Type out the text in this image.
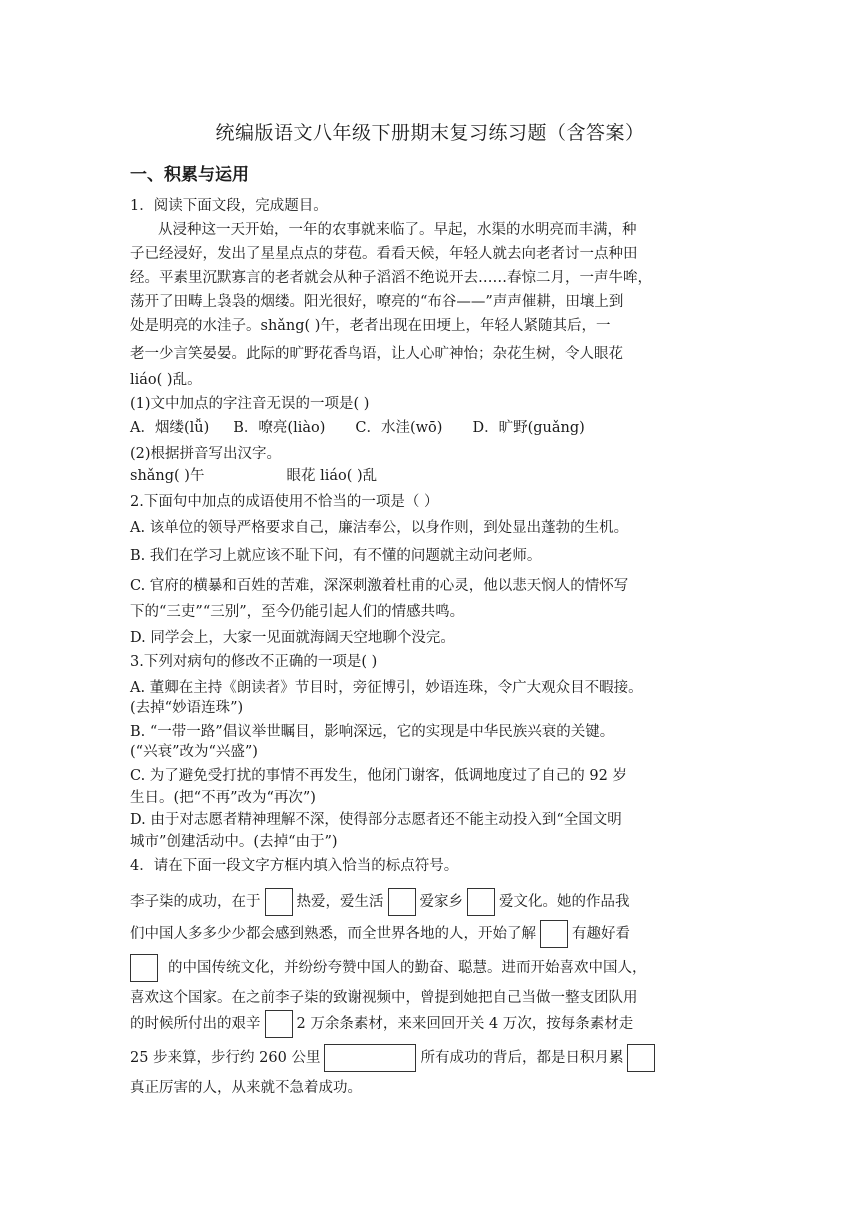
统编版语文八年级下册期末复习练习题（含答案）
一、积累与运用
1．阅读下面文段，完成题目。
从浸种这一天开始，一年的农事就来临了。早起，水渠的水明亮而丰满，种
子已经浸好，发出了星星点点的芽苞。看看天候，年轻人就去向老者讨一点种田
经。平素里沉默寡言的老者就会从种子滔滔不绝说开去……春惊二月，一声牛哞，
荡开了田畴上袅袅的烟缕。阳光很好，嘹亮的“布谷——”声声催耕，田壤上到
处是明亮的水洼子。shǎng( )午，老者出现在田埂上，年轻人紧随其后，一
老一少言笑晏晏。此际的旷野花香鸟语，让人心旷神怡；杂花生树，令人眼花
liáo( )乱。
(1)文中加点的字注音无误的一项是( )
A．烟缕(lǚ) B．嘹亮(liào) C．水洼(wō) D．旷野(guǎng)
(2)根据拼音写出汉字。
shǎng( )午	眼花 liáo( )乱
2.下面句中加点的成语使用不恰当的一项是（ ）
A. 该单位的领导严格要求自己，廉洁奉公，以身作则，到处显出蓬勃的生机。
B. 我们在学习上就应该不耻下问，有不懂的问题就主动问老师。
C. 官府的横暴和百姓的苦难，深深刺激着杜甫的心灵，他以悲天悯人的情怀写
下的“三吏”“三别”，至今仍能引起人们的情感共鸣。
D. 同学会上，大家一见面就海阔天空地聊个没完。
3.下列对病句的修改不正确的一项是( )
A. 董卿在主持《朗读者》节目时，旁征博引，妙语连珠，令广大观众目不暇接。
(去掉“妙语连珠”)
B. “一带一路”倡议举世瞩目，影响深远，它的实现是中华民族兴衰的关键。
(“兴衰”改为“兴盛”)
C. 为了避免受打扰的事情不再发生，他闭门谢客，低调地度过了自己的 92 岁
生日。(把“不再”改为“再次”)
D. 由于对志愿者精神理解不深，使得部分志愿者还不能主动投入到“全国文明
城市”创建活动中。(去掉“由于”)
4．请在下面一段文字方框内填入恰当的标点符号。
李子柒的成功，在于 热爱，爱生活 爱家乡 爱文化。她的作品我
们中国人多多少少都会感到熟悉，而全世界各地的人，开始了解 有趣好看
的中国传统文化，并纷纷夸赞中国人的勤奋、聪慧。进而开始喜欢中国人，
喜欢这个国家。在之前李子柒的致谢视频中，曾提到她把自己当做一整支团队用
的时候所付出的艰辛 2 万余条素材，来来回回开关 4 万次，按每条素材走
25 步来算，步行约 260 公里	所有成功的背后，都是日积月累
真正厉害的人，从来就不急着成功。
